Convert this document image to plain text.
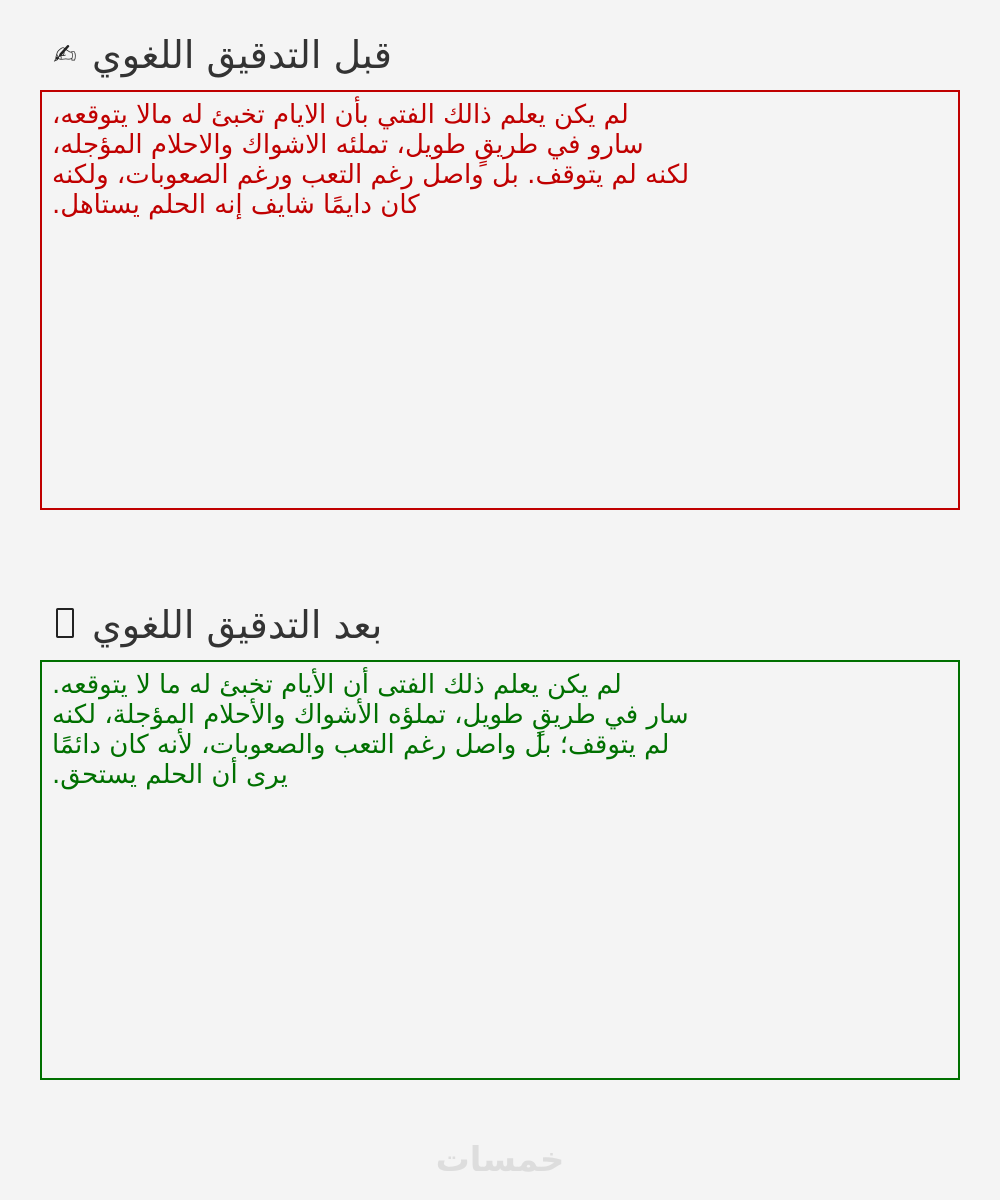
✍ قبل التدقيق اللغوي
لم يكن يعلم ذالك الفتي بأن الايام تخبئ له مالا يتوقعه،
سارو في طريقٍ طويل، تملئه الاشواك والاحلام المؤجله،
لكنه لم يتوقف. بل واصل رغم التعب ورغم الصعوبات، ولكنه
كان دايمًا شايف إنه الحلم يستاهل.
بعد التدقيق اللغوي
لم يكن يعلم ذلك الفتى أن الأيام تخبئ له ما لا يتوقعه.
سار في طريقٍ طويل، تملؤه الأشواك والأحلام المؤجلة، لكنه
لم يتوقف؛ بل واصل رغم التعب والصعوبات، لأنه كان دائمًا
يرى أن الحلم يستحق.
خمسات
